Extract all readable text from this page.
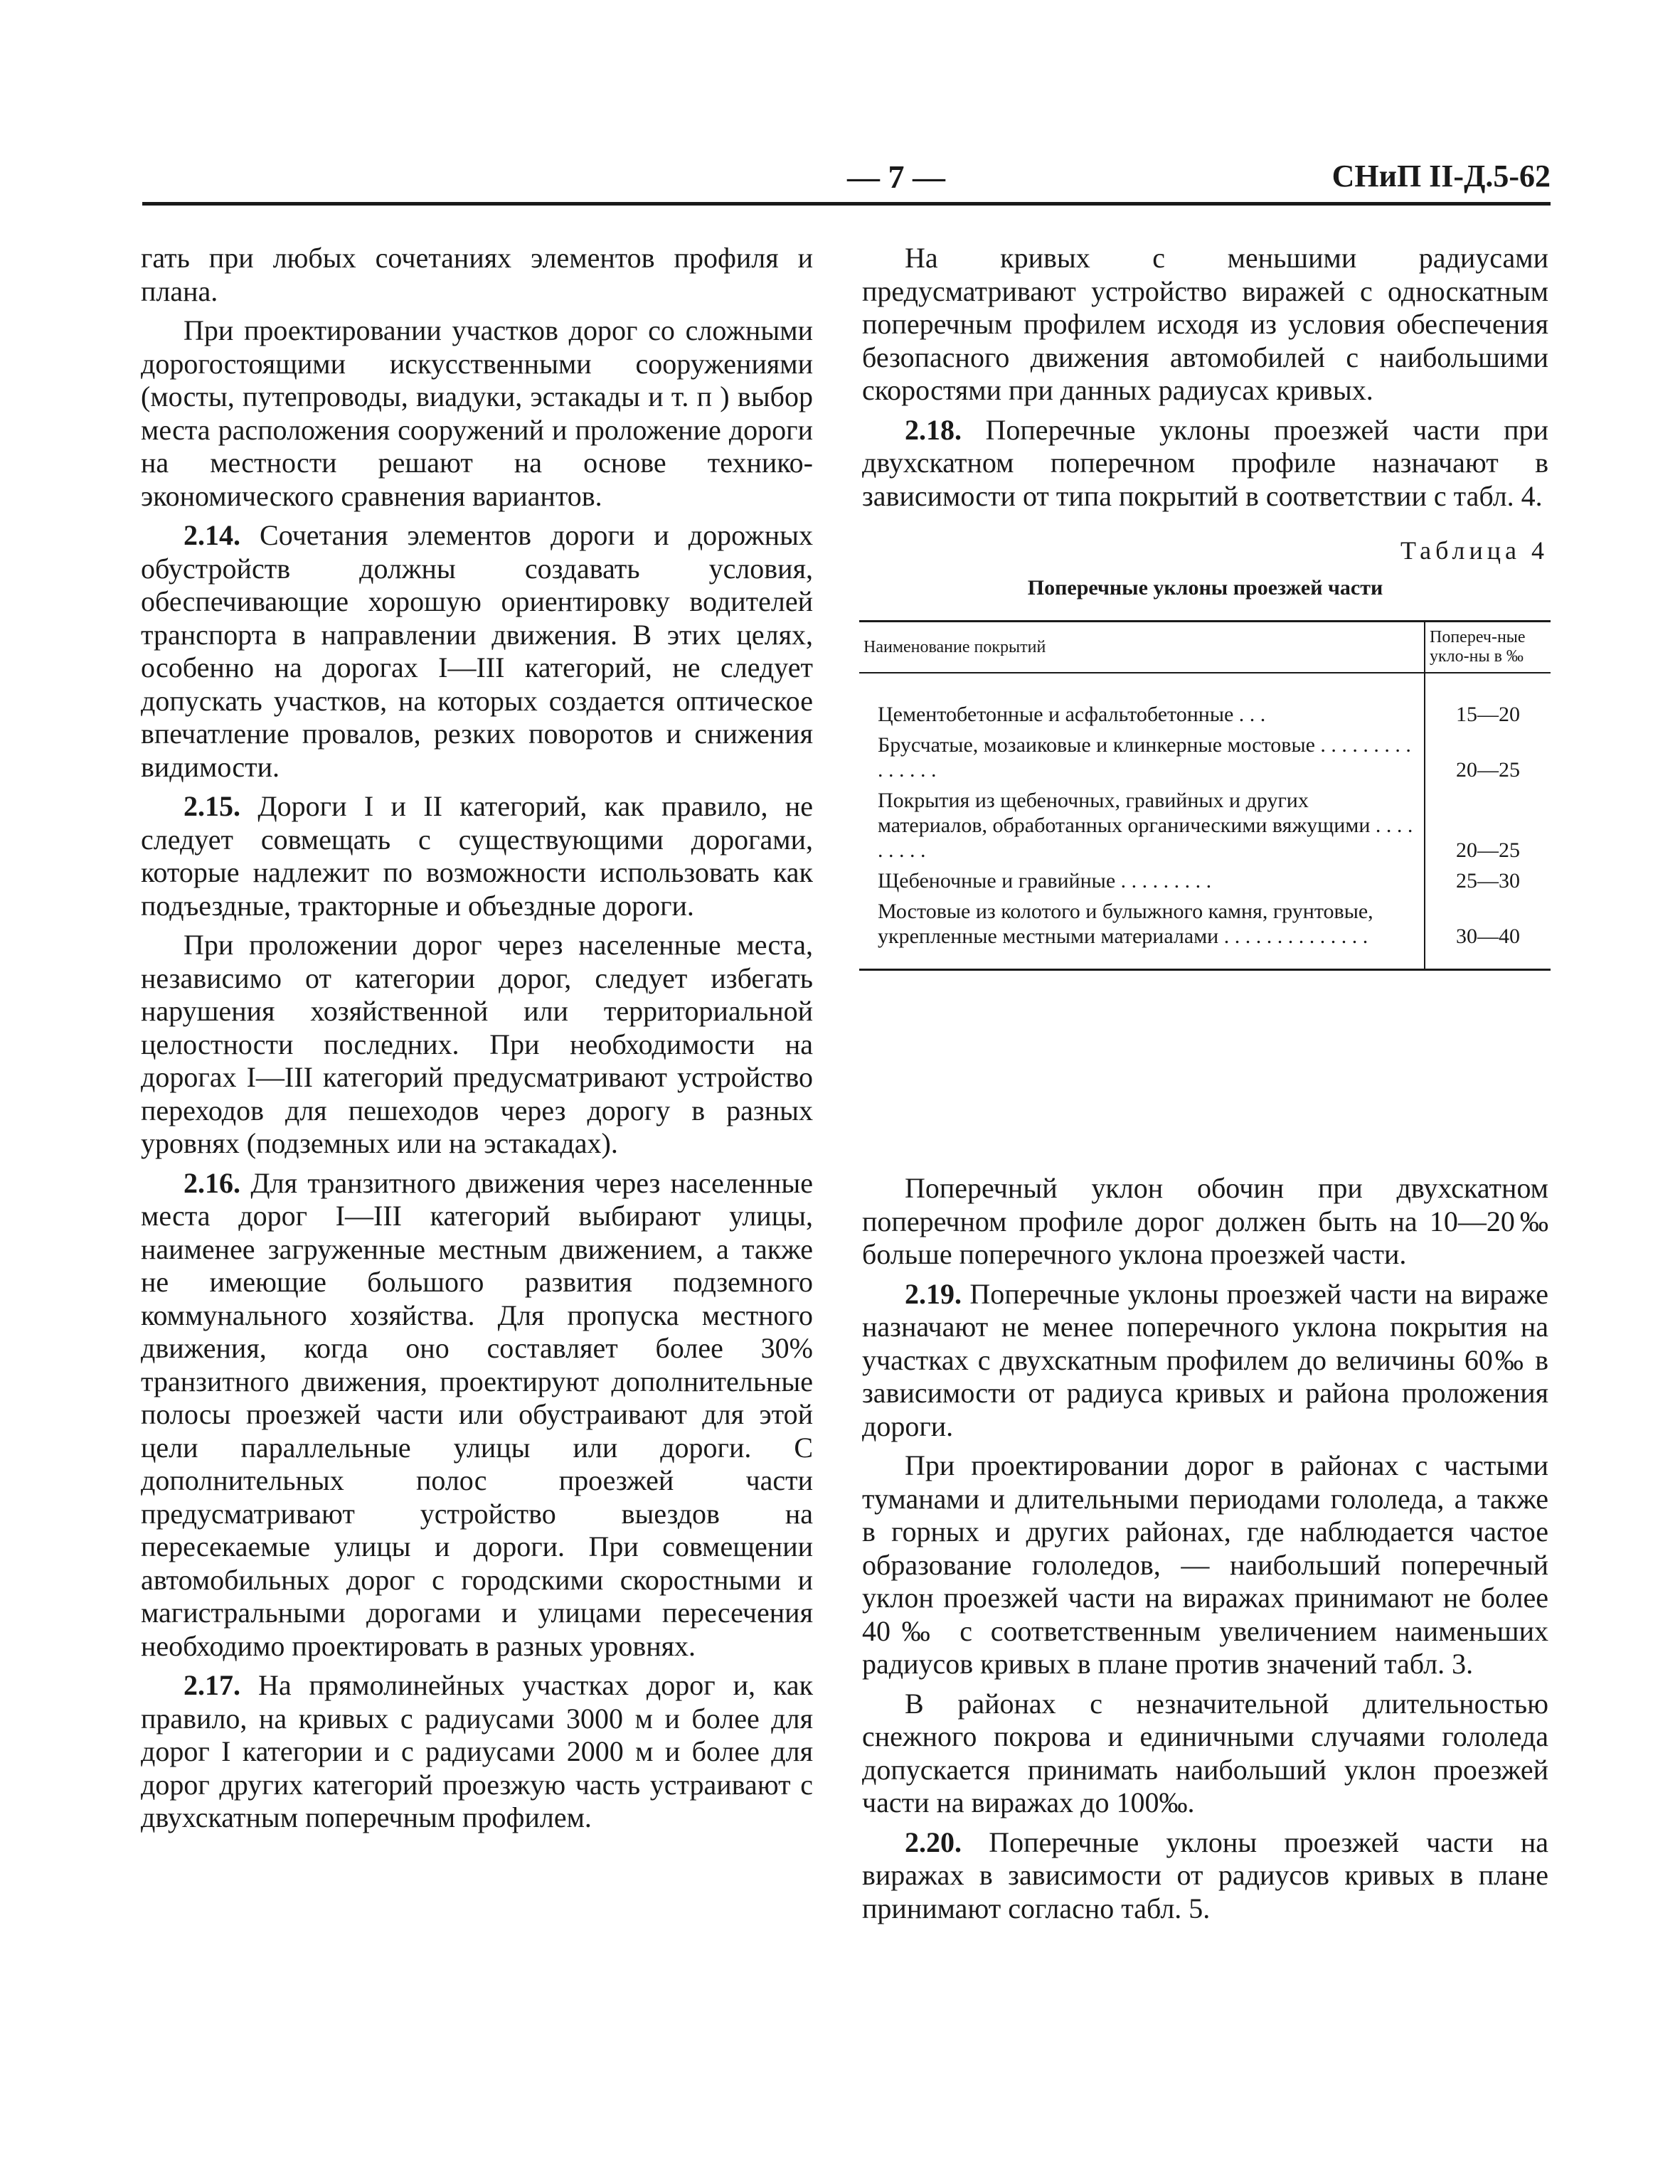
— 7 —	СНиП II-Д.5-62

гать при любых сочетаниях элементов профиля и плана.

При проектировании участков дорог со сложными дорогостоящими искусственными сооружениями (мосты, путепроводы, виадуки, эстакады и т. п ) выбор места расположения сооружений и проложение дороги на местности решают на основе технико-экономического сравнения вариантов.

2.14. Сочетания элементов дороги и дорожных обустройств должны создавать условия, обеспечивающие хорошую ориентировку водителей транспорта в направлении движения. В этих целях, особенно на дорогах I—III категорий, не следует допускать участков, на которых создается оптическое впечатление провалов, резких поворотов и снижения видимости.

2.15. Дороги I и II категорий, как правило, не следует совмещать с существующими дорогами, которые надлежит по возможности использовать как подъездные, тракторные и объездные дороги.

При проложении дорог через населенные места, независимо от категории дорог, следует избегать нарушения хозяйственной или территориальной целостности последних. При необходимости на дорогах I—III категорий предусматривают устройство переходов для пешеходов через дорогу в разных уровнях (подземных или на эстакадах).

2.16. Для транзитного движения через населенные места дорог I—III категорий выбирают улицы, наименее загруженные местным движением, а также не имеющие большого развития подземного коммунального хозяйства. Для пропуска местного движения, когда оно составляет более 30% транзитного движения, проектируют дополнительные полосы проезжей части или обустраивают для этой цели параллельные улицы или дороги. С дополнительных полос проезжей части предусматривают устройство выездов на пересекаемые улицы и дороги. При совмещении автомобильных дорог с городскими скоростными и магистральными дорогами и улицами пересечения необходимо проектировать в разных уровнях.

2.17. На прямолинейных участках дорог и, как правило, на кривых с радиусами 3000 м и более для дорог I категории и с радиусами 2000 м и более для дорог других категорий проезжую часть устраивают с двухскатным поперечным профилем.

На кривых с меньшими радиусами предусматривают устройство виражей с односкатным поперечным профилем исходя из условия обеспечения безопасного движения автомобилей с наибольшими скоростями при данных радиусах кривых.

2.18. Поперечные уклоны проезжей части при двухскатном поперечном профиле назначают в зависимости от типа покрытий в соответствии с табл. 4.

Таблица 4
Поперечные уклоны проезжей части
Наименование покрытий	Попереч-ные укло-ны в ‰
Цементобетонные и асфальтобетонные . . .	15—20
Брусчатые, мозаиковые и клинкерные мостовые . . . . . . . . . . . . . . .	20—25
Покрытия из щебеночных, гравийных и других материалов, обработанных органическими вяжущими . . . . . . . . .	20—25
Щебеночные и гравийные . . . . . . . . .	25—30
Мостовые из колотого и булыжного камня, грунтовые, укрепленные местными материалами . . . . . . . . . . . . . .	30—40

Поперечный уклон обочин при двухскатном поперечном профиле дорог должен быть на 10—20‰ больше поперечного уклона проезжей части.

2.19. Поперечные уклоны проезжей части на вираже назначают не менее поперечного уклона покрытия на участках с двухскатным профилем до величины 60‰ в зависимости от радиуса кривых и района проложения дороги.

При проектировании дорог в районах с частыми туманами и длительными периодами гололеда, а также в горных и других районах, где наблюдается частое образование гололедов, — наибольший поперечный уклон проезжей части на виражах принимают не более 40‰ с соответственным увеличением наименьших радиусов кривых в плане против значений табл. 3.

В районах с незначительной длительностью снежного покрова и единичными случаями гололеда допускается принимать наибольший уклон проезжей части на виражах до 100‰.

2.20. Поперечные уклоны проезжей части на виражах в зависимости от радиусов кривых в плане принимают согласно табл. 5.
